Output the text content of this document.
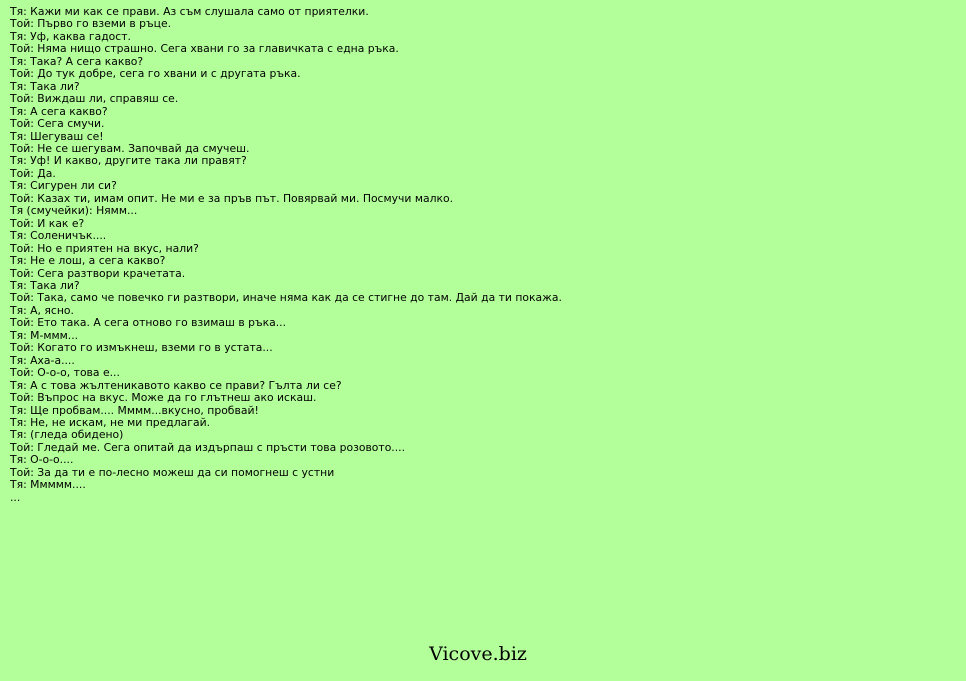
Тя: Кажи ми как се прави. Аз съм слушала само от приятелки.
Той: Първо го вземи в ръце.
Тя: Уф, каква гадост.
Той: Няма нищо страшно. Сега хвани го за главичката с една ръка.
Тя: Така? А сега какво?
Той: До тук добре, сега го хвани и с другата ръка.
Тя: Така ли?
Той: Виждаш ли, справяш се.
Тя: А сега какво?
Той: Сега смучи.
Тя: Шегуваш се!
Той: Не се шегувам. Започвай да смучеш.
Тя: Уф! И какво, другите така ли правят?
Той: Да.
Тя: Сигурен ли си?
Той: Казах ти, имам опит. Не ми е за пръв път. Повярвай ми. Посмучи малко.
Тя (смучейки): Нямм...
Той: И как е?
Тя: Соленичък....
Той: Но е приятен на вкус, нали?
Тя: Не е лош, а сега какво?
Той: Сега разтвори крачетата.
Тя: Така ли?
Той: Така, само че повечко ги разтвори, иначе няма как да се стигне до там. Дай да ти покажа.
Тя: А, ясно.
Той: Ето така. А сега отново го взимаш в ръка...
Тя: М-ммм...
Той: Когато го измъкнеш, вземи го в устата...
Тя: Аха-а....
Той: О-о-о, това е...
Тя: А с това жълтеникавото какво се прави? Гълта ли се?
Той: Въпрос на вкус. Може да го глътнеш ако искаш.
Тя: Ще пробвам.... Мммм...вкусно, пробвай!
Тя: Не, не искам, не ми предлагай.
Тя: (гледа обидено)
Той: Гледай ме. Сега опитай да издърпаш с пръсти това розовото....
Тя: О-о-о....
Той: За да ти е по-лесно можеш да си помогнеш с устни
Тя: Ммммм....
...
Vicove.biz
